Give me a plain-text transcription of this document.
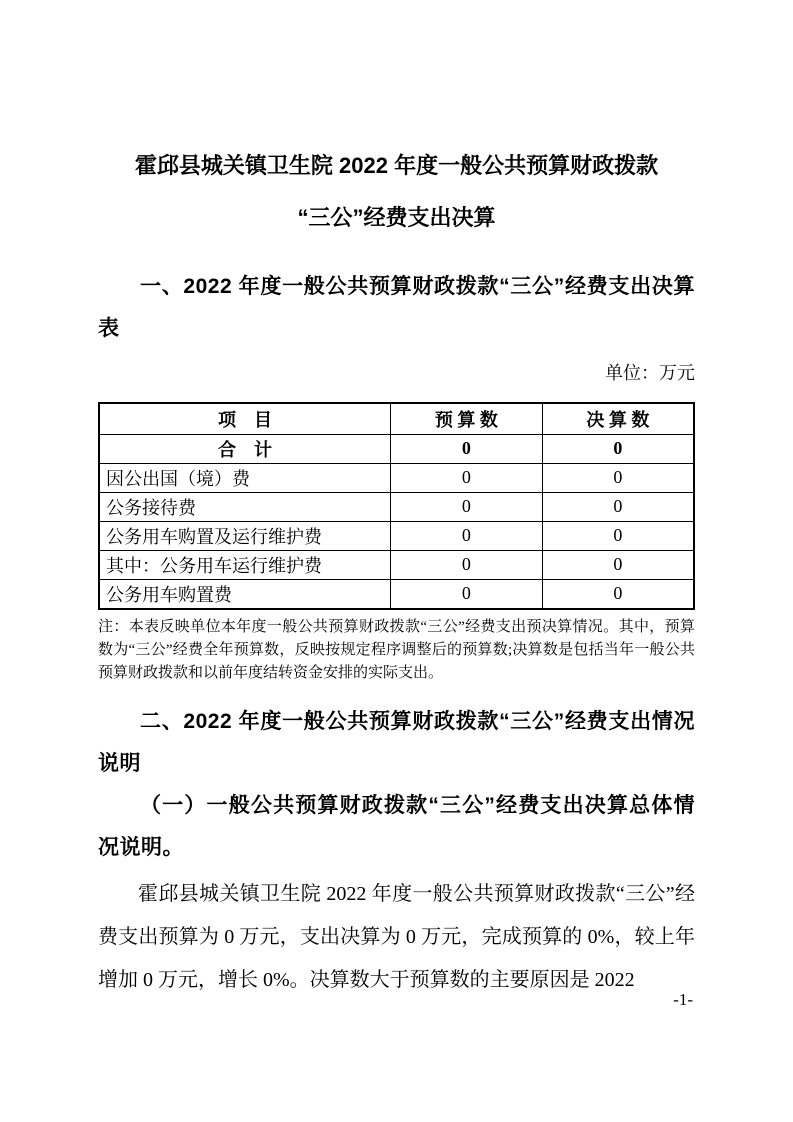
霍邱县城关镇卫生院 2022 年度一般公共预算财政拨款
“三公”经费支出决算
一、2022 年度一般公共预算财政拨款“三公”经费支出决算表
单位：万元
项　目	预 算 数	决 算 数
合　计	0	0
因公出国（境）费	0	0
公务接待费	0	0
公务用车购置及运行维护费	0	0
其中：公务用车运行维护费	0	0
公务用车购置费	0	0
注：本表反映单位本年度一般公共预算财政拨款“三公”经费支出预决算情况。其中，预算数为“三公”经费全年预算数，反映按规定程序调整后的预算数;决算数是包括当年一般公共预算财政拨款和以前年度结转资金安排的实际支出。
二、2022 年度一般公共预算财政拨款“三公”经费支出情况说明
（一）一般公共预算财政拨款“三公”经费支出决算总体情况说明。
霍邱县城关镇卫生院 2022 年度一般公共预算财政拨款“三公”经费支出预算为 0 万元，支出决算为 0 万元，完成预算的 0%，较上年增加 0 万元，增长 0%。决算数大于预算数的主要原因是 2022
-1-
